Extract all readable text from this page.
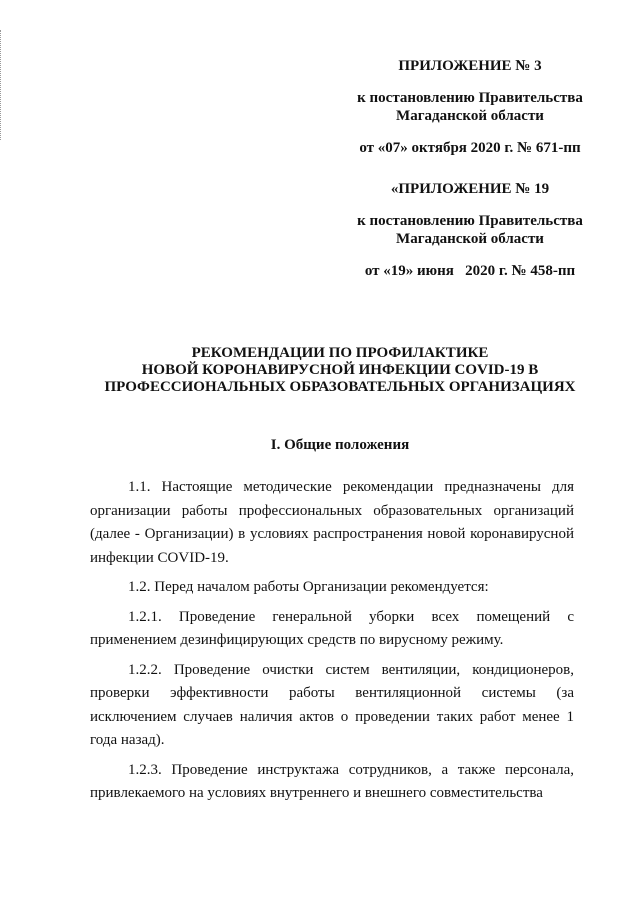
ПРИЛОЖЕНИЕ № 3
к постановлению Правительства
Магаданской области
от «07» октября 2020 г. № 671-пп
«ПРИЛОЖЕНИЕ № 19
к постановлению Правительства
Магаданской области
от «19» июня   2020 г. № 458-пп
РЕКОМЕНДАЦИИ ПО ПРОФИЛАКТИКЕ
НОВОЙ КОРОНАВИРУСНОЙ ИНФЕКЦИИ COVID-19 В
ПРОФЕССИОНАЛЬНЫХ ОБРАЗОВАТЕЛЬНЫХ ОРГАНИЗАЦИЯХ
I. Общие положения

1.1. Настоящие методические рекомендации предназначены для организации работы профессиональных образовательных организаций (далее - Организации) в условиях распространения новой коронавирусной инфекции COVID-19.

1.2. Перед началом работы Организации рекомендуется:

1.2.1. Проведение генеральной уборки всех помещений с применением дезинфицирующих средств по вирусному режиму.

1.2.2. Проведение очистки систем вентиляции, кондиционеров, проверки эффективности работы вентиляционной системы (за исключением случаев наличия актов о проведении таких работ менее 1 года назад).

1.2.3. Проведение инструктажа сотрудников, а также персонала, привлекаемого на условиях внутреннего и внешнего совместительства
